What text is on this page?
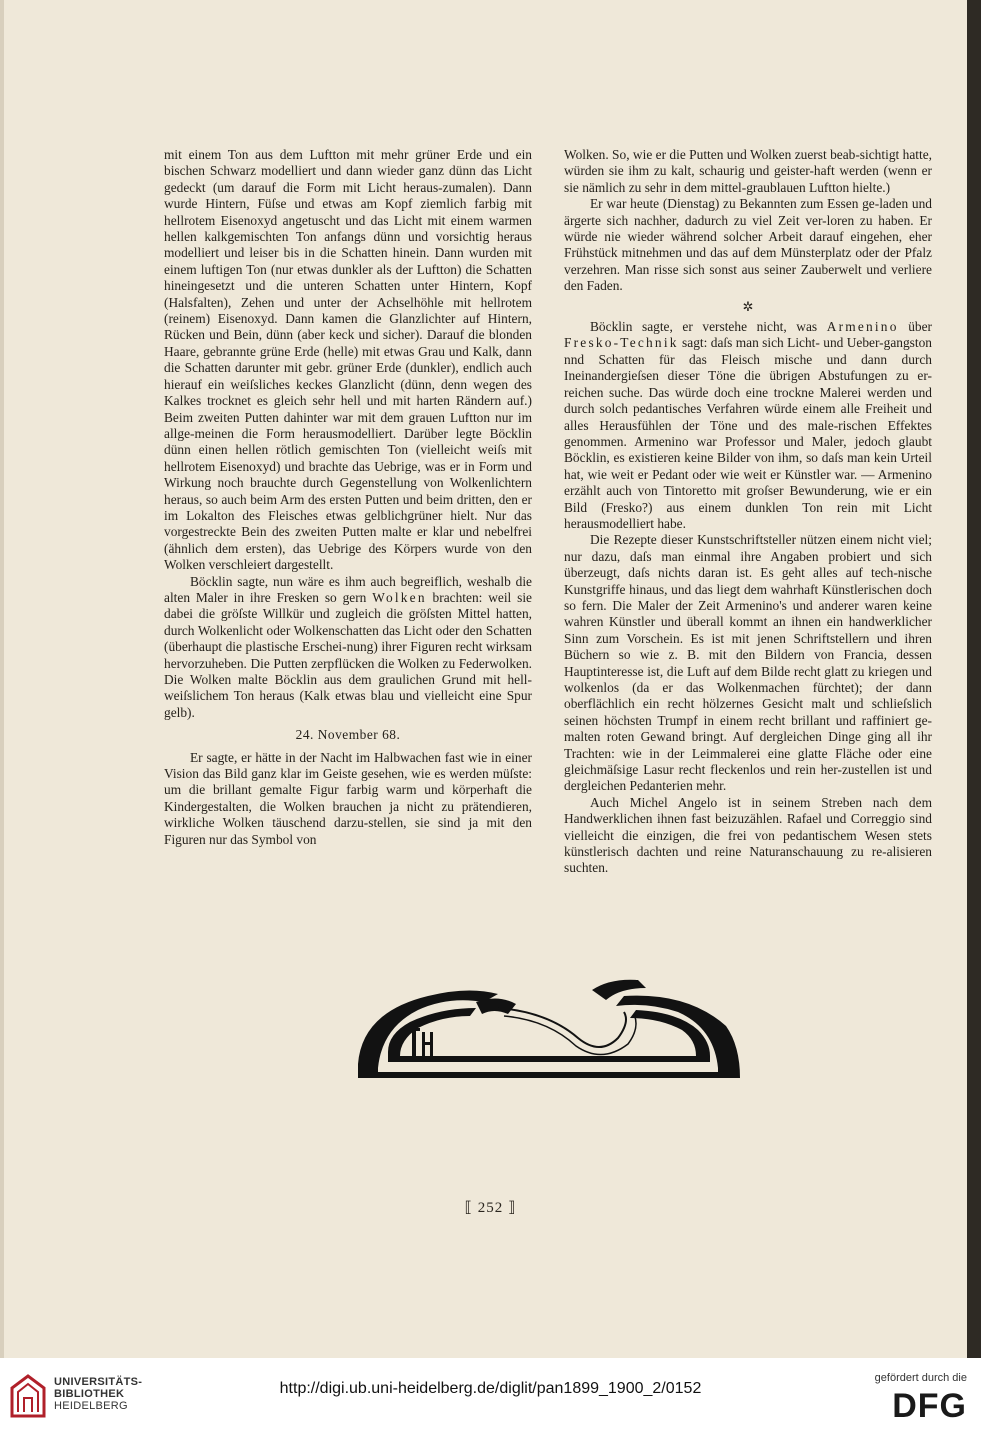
mit einem Ton aus dem Luftton mit mehr grüner Erde und ein bischen Schwarz modelliert und dann wieder ganz dünn das Licht gedeckt (um darauf die Form mit Licht heraus-zumalen). Dann wurde Hintern, Füſse und etwas am Kopf ziemlich farbig mit hellrotem Eisenoxyd angetuscht und das Licht mit einem warmen hellen kalkgemischten Ton anfangs dünn und vorsichtig heraus modelliert und leiser bis in die Schatten hinein. Dann wurden mit einem luftigen Ton (nur etwas dunkler als der Luftton) die Schatten hineingesetzt und die unteren Schatten unter Hintern, Kopf (Halsfalten), Zehen und unter der Achselhöhle mit hellrotem (reinem) Eisenoxyd. Dann kamen die Glanzlichter auf Hintern, Rücken und Bein, dünn (aber keck und sicher). Darauf die blonden Haare, gebrannte grüne Erde (helle) mit etwas Grau und Kalk, dann die Schatten darunter mit gebr. grüner Erde (dunkler), endlich auch hierauf ein weiſsliches keckes Glanzlicht (dünn, denn wegen des Kalkes trocknet es gleich sehr hell und mit harten Rändern auf.) Beim zweiten Putten dahinter war mit dem grauen Luftton nur im allge-meinen die Form herausmodelliert. Darüber legte Böcklin dünn einen hellen rötlich gemischten Ton (vielleicht weiſs mit hellrotem Eisenoxyd) und brachte das Uebrige, was er in Form und Wirkung noch brauchte durch Gegenstellung von Wolkenlichtern heraus, so auch beim Arm des ersten Putten und beim dritten, den er im Lokalton des Fleisches etwas gelblichgrüner hielt. Nur das vorgestreckte Bein des zweiten Putten malte er klar und nebelfrei (ähnlich dem ersten), das Uebrige des Körpers wurde von den Wolken verschleiert dargestellt.

Böcklin sagte, nun wäre es ihm auch begreiflich, weshalb die alten Maler in ihre Fresken so gern Wolken brachten: weil sie dabei die gröſste Willkür und zugleich die gröſsten Mittel hatten, durch Wolkenlicht oder Wolkenschatten das Licht oder den Schatten (überhaupt die plastische Erschei-nung) ihrer Figuren recht wirksam hervorzuheben. Die Putten zerpflücken die Wolken zu Federwolken. Die Wolken malte Böcklin aus dem graulichen Grund mit hell-weiſslichem Ton heraus (Kalk etwas blau und vielleicht eine Spur gelb).

24. November 68.

Er sagte, er hätte in der Nacht im Halbwachen fast wie in einer Vision das Bild ganz klar im Geiste gesehen, wie es werden müſste: um die brillant gemalte Figur farbig warm und körperhaft die Kindergestalten, die Wolken brauchen ja nicht zu prätendieren, wirkliche Wolken täuschend darzu-stellen, sie sind ja mit den Figuren nur das Symbol von

Wolken. So, wie er die Putten und Wolken zuerst beab-sichtigt hatte, würden sie ihm zu kalt, schaurig und geister-haft werden (wenn er sie nämlich zu sehr in dem mittel-graublauen Luftton hielte.)

Er war heute (Dienstag) zu Bekannten zum Essen ge-laden und ärgerte sich nachher, dadurch zu viel Zeit ver-loren zu haben. Er würde nie wieder während solcher Arbeit darauf eingehen, eher Frühstück mitnehmen und das auf dem Münsterplatz oder der Pfalz verzehren. Man risse sich sonst aus seiner Zauberwelt und verliere den Faden.

✲

Böcklin sagte, er verstehe nicht, was Armenino über Fresko-Technik sagt: daſs man sich Licht- und Ueber-gangston nnd Schatten für das Fleisch mische und dann durch Ineinandergieſsen dieser Töne die übrigen Abstufungen zu er-reichen suche. Das würde doch eine trockne Malerei werden und durch solch pedantisches Verfahren würde einem alle Freiheit und alles Herausfühlen der Töne und des male-rischen Effektes genommen. Armenino war Professor und Maler, jedoch glaubt Böcklin, es existieren keine Bilder von ihm, so daſs man kein Urteil hat, wie weit er Pedant oder wie weit er Künstler war. — Armenino erzählt auch von Tintoretto mit groſser Bewunderung, wie er ein Bild (Fresko?) aus einem dunklen Ton rein mit Licht herausmodelliert habe.

Die Rezepte dieser Kunstschriftsteller nützen einem nicht viel; nur dazu, daſs man einmal ihre Angaben probiert und sich überzeugt, daſs nichts daran ist. Es geht alles auf tech-nische Kunstgriffe hinaus, und das liegt dem wahrhaft Künstlerischen doch so fern. Die Maler der Zeit Armenino's und anderer waren keine wahren Künstler und überall kommt an ihnen ein handwerklicher Sinn zum Vorschein. Es ist mit jenen Schriftstellern und ihren Büchern so wie z. B. mit den Bildern von Francia, dessen Hauptinteresse ist, die Luft auf dem Bilde recht glatt zu kriegen und wolkenlos (da er das Wolkenmachen fürchtet); der dann oberflächlich ein recht hölzernes Gesicht malt und schlieſslich seinen höchsten Trumpf in einem recht brillant und raffiniert ge-malten roten Gewand bringt. Auf dergleichen Dinge ging all ihr Trachten: wie in der Leimmalerei eine glatte Fläche oder eine gleichmäſsige Lasur recht fleckenlos und rein her-zustellen ist und dergleichen Pedanterien mehr.

Auch Michel Angelo ist in seinem Streben nach dem Handwerklichen ihnen fast beizuzählen. Rafael und Correggio sind vielleicht die einzigen, die frei von pedantischem Wesen stets künstlerisch dachten und reine Naturanschauung zu re-alisieren suchten.

⟦ 252 ⟧
UNIVERSITÄTS-
BIBLIOTHEK
HEIDELBERG
http://digi.ub.uni-heidelberg.de/diglit/pan1899_1900_2/0152
gefördert durch die
DFG
